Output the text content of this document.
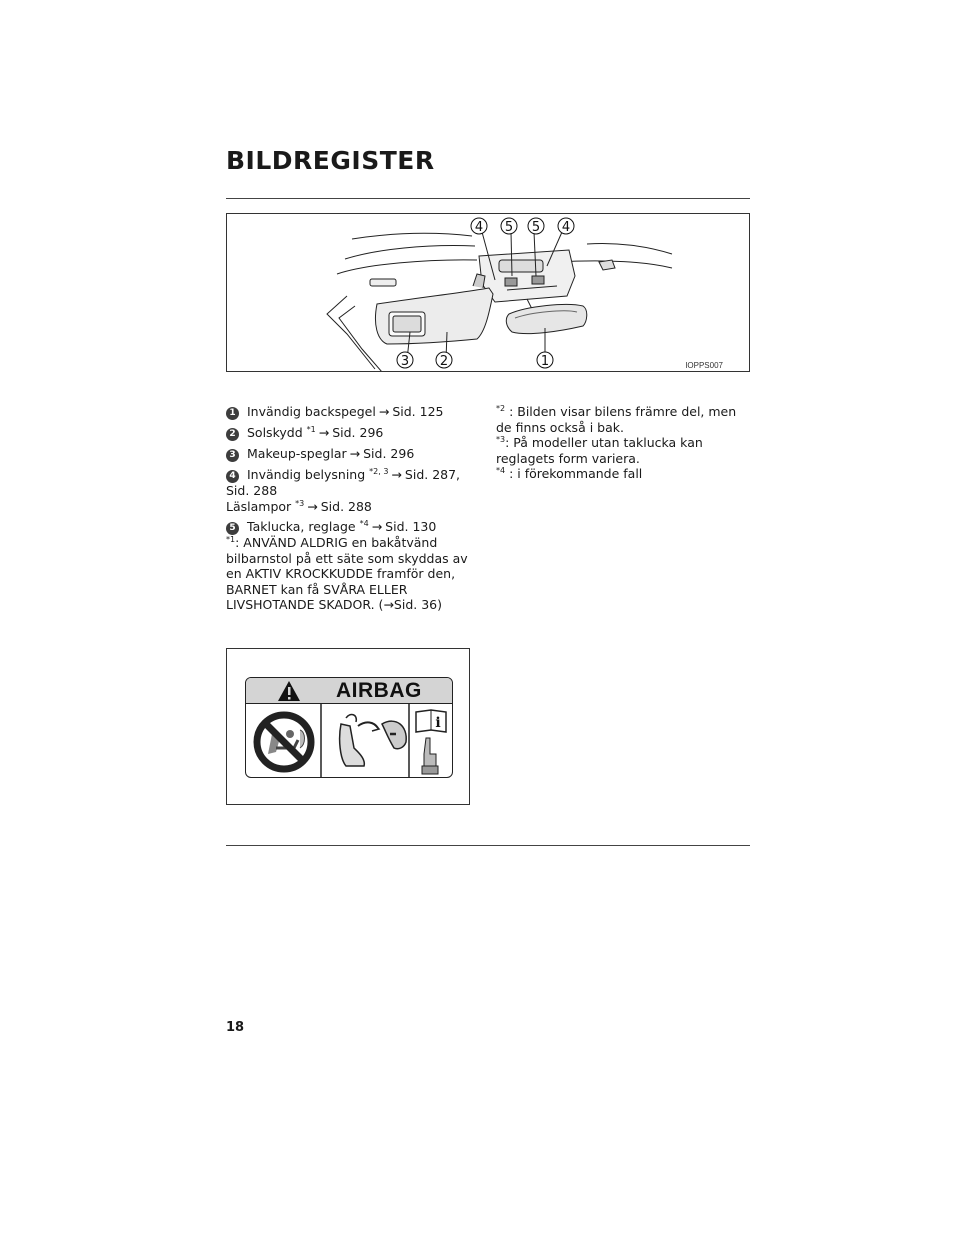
BILDREGISTER
4 5 5 4
3 2	1	IOPPS007
1 Invändig backspegel → Sid. 125
2 Solskydd $^{*1}$ → Sid. 296
3 Makeup-speglar → Sid. 296
4 Invändig belysning $^{*2, 3}$ → Sid. 287,
Sid. 288
Läslampor $^{*3}$ → Sid. 288
5 Taklucka, reglage $^{*4}$ → Sid. 130
$^{*1}$: ANVÄND ALDRIG en bakåtvänd bilbarnstol på ett säte som skyddas av en AKTIV KROCKKUDDE framför den, BARNET kan få SVÅRA ELLER LIVSHOTANDE SKADOR. (→Sid. 36)
$^{*2}$ : Bilden visar bilens främre del, men de finns också i bak.
$^{*3}$: På modeller utan taklucka kan reglagets form variera.
$^{*4}$ : i förekommande fall
AIRBAG
i
18
